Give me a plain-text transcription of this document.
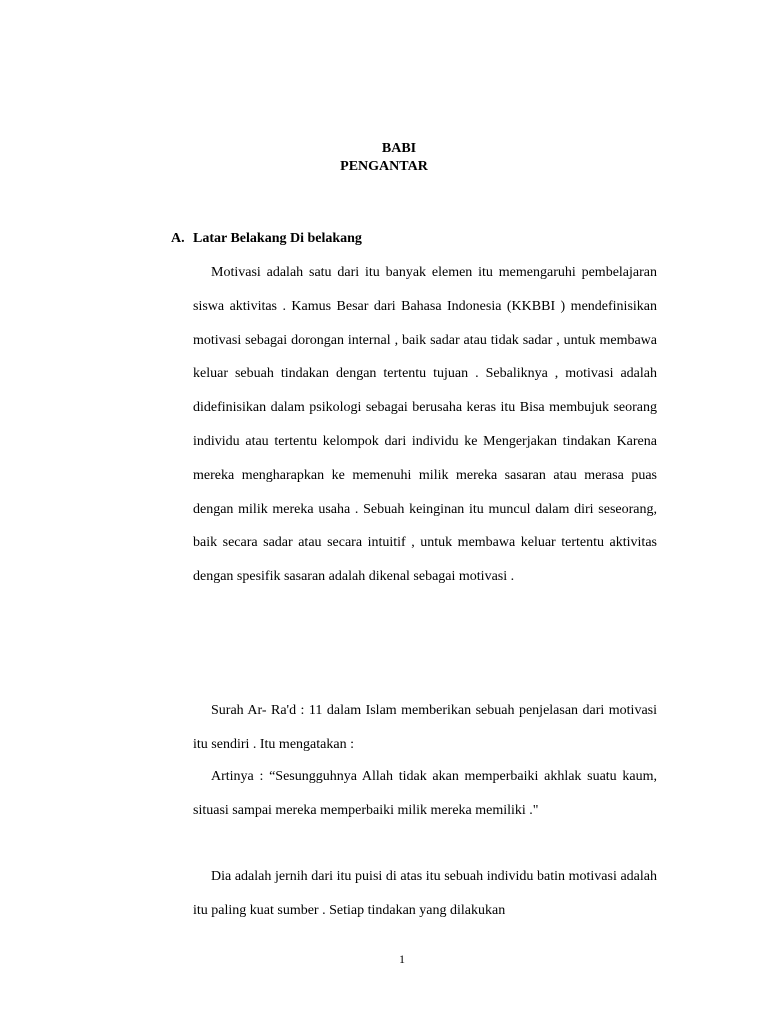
BABI
PENGANTAR
A. Latar Belakang Di belakang

Motivasi adalah satu dari itu banyak elemen itu memengaruhi pembelajaran siswa aktivitas . Kamus Besar dari Bahasa Indonesia (KKBBI ) mendefinisikan motivasi sebagai dorongan internal , baik sadar atau tidak sadar , untuk membawa keluar sebuah tindakan dengan tertentu tujuan . Sebaliknya , motivasi adalah didefinisikan dalam psikologi sebagai berusaha keras itu Bisa membujuk seorang individu atau tertentu kelompok dari individu ke Mengerjakan tindakan Karena mereka mengharapkan ke memenuhi milik mereka sasaran atau merasa puas dengan milik mereka usaha . Sebuah keinginan itu muncul dalam diri seseorang, baik secara sadar atau secara intuitif , untuk membawa keluar tertentu aktivitas dengan spesifik sasaran adalah dikenal sebagai motivasi .

Surah Ar- Ra'd : 11 dalam Islam memberikan sebuah penjelasan dari motivasi itu sendiri . Itu mengatakan :

Artinya : “Sesungguhnya Allah tidak akan memperbaiki akhlak suatu kaum, situasi sampai mereka memperbaiki milik mereka memiliki ."

Dia adalah jernih dari itu puisi di atas itu sebuah individu batin motivasi adalah itu paling kuat sumber . Setiap tindakan yang dilakukan

1
